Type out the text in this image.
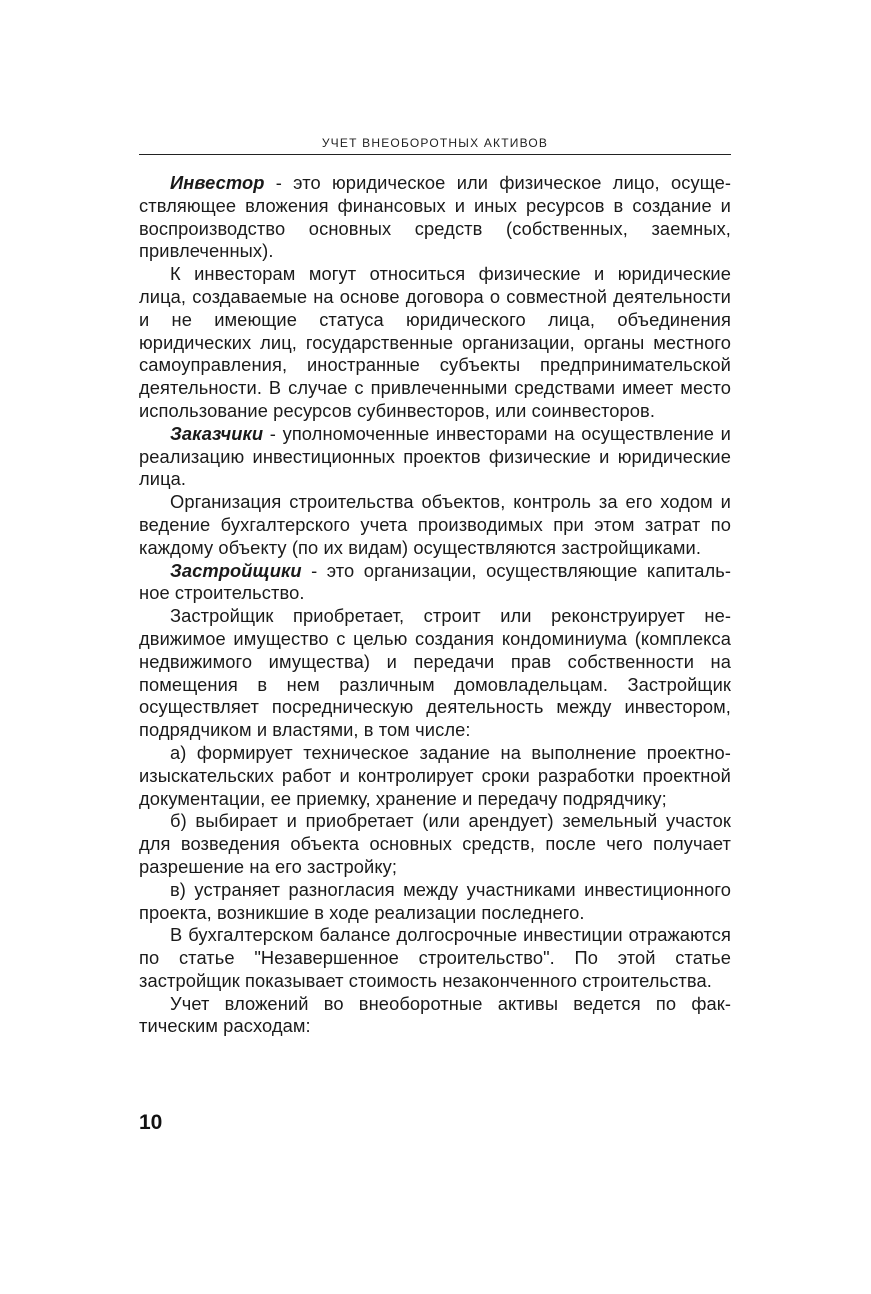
УЧЕТ ВНЕОБОРОТНЫХ АКТИВОВ

Инвестор - это юридическое или физическое лицо, осуществляющее вложения финансовых и иных ресурсов в создание и воспроизводство основных средств (собственных, заемных, привлеченных).

К инвесторам могут относиться физические и юридические лица, создаваемые на основе договора о совместной деятельности и не имеющие статуса юридического лица, объединения юридических лиц, государственные организации, органы местного самоуправления, иностранные субъекты предпринимательской деятельности. В случае с привлеченными средствами имеет место использование ресурсов субинвесторов, или соинвесторов.

Заказчики - уполномоченные инвесторами на осуществление и реализацию инвестиционных проектов физические и юридические лица.

Организация строительства объектов, контроль за его ходом и ведение бухгалтерского учета производимых при этом затрат по каждому объекту (по их видам) осуществляются застройщиками.

Застройщики - это организации, осуществляющие капитальное строительство.

Застройщик приобретает, строит или реконструирует недвижимое имущество с целью создания кондоминиума (комплекса недвижимого имущества) и передачи прав собственности на помещения в нем различным домовладельцам. Застройщик осуществляет посредническую деятельность между инвестором, подрядчиком и властями, в том числе:

а) формирует техническое задание на выполнение проектно-изыскательских работ и контролирует сроки разработки проектной документации, ее приемку, хранение и передачу подрядчику;

б) выбирает и приобретает (или арендует) земельный участок для возведения объекта основных средств, после чего получает разрешение на его застройку;

в) устраняет разногласия между участниками инвестиционного проекта, возникшие в ходе реализации последнего.

В бухгалтерском балансе долгосрочные инвестиции отражаются по статье "Незавершенное строительство". По этой статье застройщик показывает стоимость незаконченного строительства.

Учет вложений во внеоборотные активы ведется по фактическим расходам:

10
